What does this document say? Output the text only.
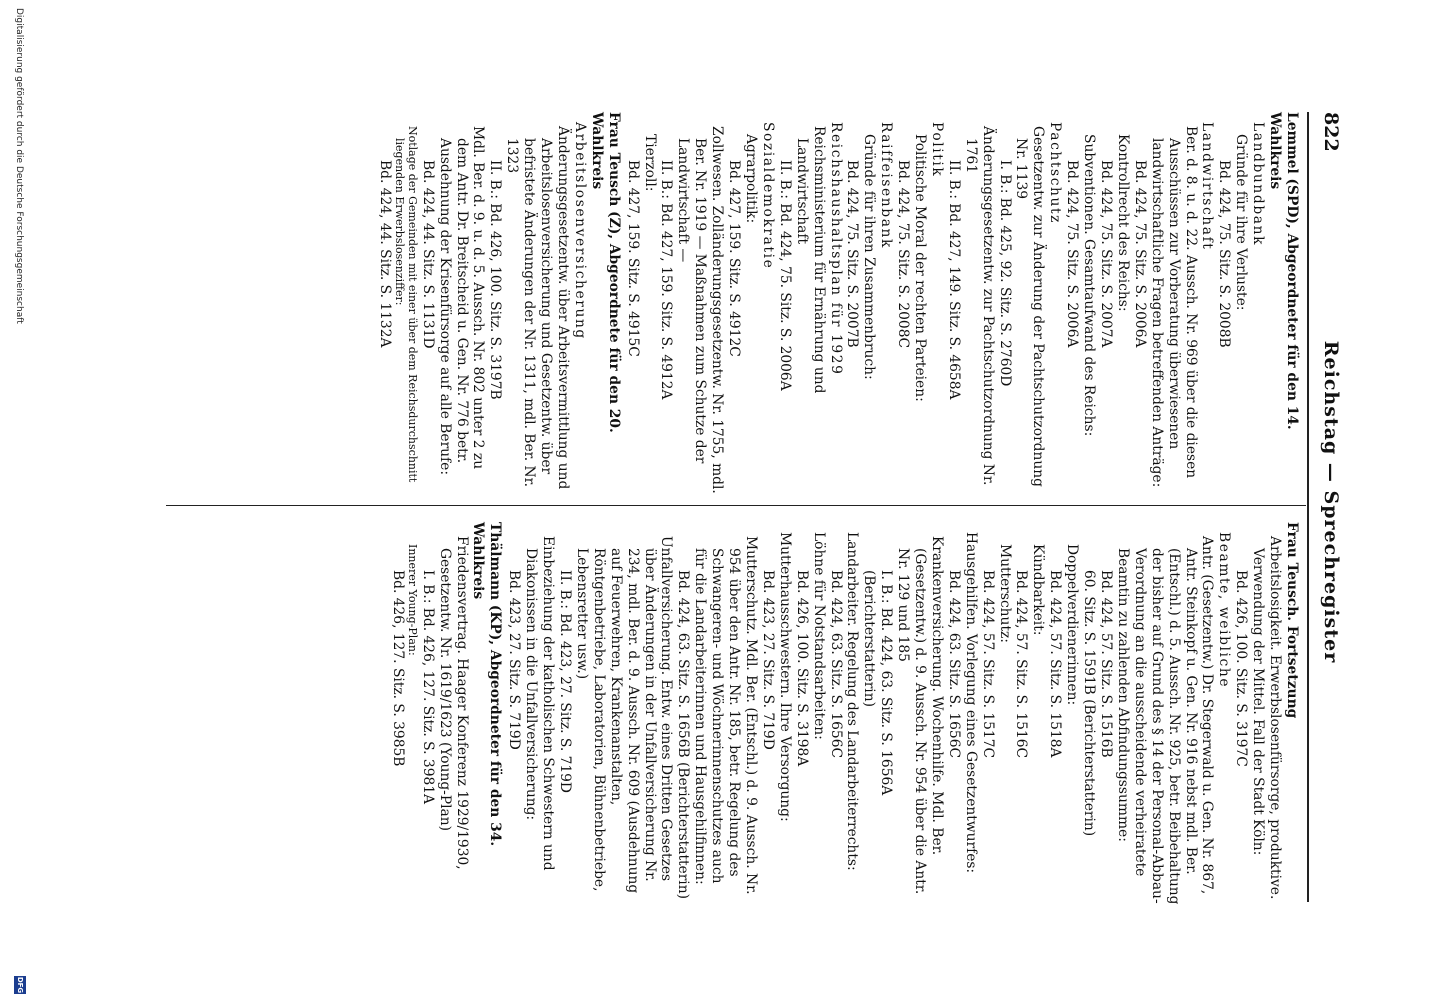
822
Reichstag — Sprechregister

Lemmel (SPD), Abgeordneter für den 14. Wahlkreis

Landbundbank

Gründe für ihre Verluste:

Bd. 424, 75. Sitz. S. 2008B

Landwirtschaft

Ber. d. 8. u. d. 22. Aussch. Nr. 969 über die diesen Ausschüssen zur Vorberatung überwiesenen landwirtschaftliche Fragen betreffenden Anträge:

Bd. 424, 75. Sitz. S. 2006A

Kontrollrecht des Reichs:

Bd. 424, 75. Sitz. S. 2007A

Subventionen. Gesamtaufwand des Reichs:

Bd. 424, 75. Sitz. S. 2006A

Pachtschutz

Gesetzentw. zur Änderung der Pachtschutzordnung Nr. 1139

I. B.: Bd. 425, 92. Sitz. S. 2760D

Änderungsgesetzentw. zur Pachtschutzordnung Nr. 1761

II. B.: Bd. 427, 149. Sitz. S. 4658A

Politik

Politische Moral der rechten Parteien:

Bd. 424, 75. Sitz. S. 2008C

Raiffeisenbank

Gründe für ihren Zusammenbruch:

Bd. 424, 75. Sitz. S. 2007B

Reichshaushaltsplan für 1929

Reichsministerium für Ernährung und Landwirtschaft

II. B.: Bd. 424, 75. Sitz. S. 2006A

Sozialdemokratie

Agrarpolitik:

Bd. 427, 159. Sitz. S. 4912C

Zollwesen. Zolländerungsgesetzentw. Nr. 1755, mdl. Ber. Nr. 1919 — Maßnahmen zum Schutze der Landwirtschaft —

II. B.: Bd. 427, 159. Sitz. S. 4912A

Tierzoll:

Bd. 427, 159. Sitz. S. 4915C

Frau Teusch (Z), Abgeordnete für den 20. Wahlkreis

Arbeitslosenversicherung

Änderungsgesetzentw. über Arbeitsvermittlung und Arbeitslosenversicherung und Gesetzentw. über befristete Änderungen der Nr. 1311, mdl. Ber. Nr. 1323

II. B.: Bd. 426, 100. Sitz. S. 3197B

Mdl. Ber. d. 9. u. d. 5. Aussch. Nr. 802 unter 2 zu dem Antr. Dr. Breitscheid u. Gen. Nr. 776 betr. Ausdehnung der Krisenfürsorge auf alle Berufe:

Bd. 424, 44. Sitz. S. 1131D

Notlage der Gemeinden mit einer über dem Reichsdurchschnitt liegenden Erwerbslosenziffer:

Bd. 424, 44. Sitz. S. 1132A

Frau Teusch. Fortsetzung

Arbeitslosigkeit. Erwerbslosenfürsorge, produktive. Verwendung der Mittel. Fall der Stadt Köln:

Bd. 426, 100. Sitz. S. 3197C

Beamte, weibliche

Antr. (Gesetzentw.) Dr. Stegerwald u. Gen. Nr. 867, Antr. Steinkopf u. Gen. Nr. 916 nebst mdl. Ber. (Entschl.) d. 5. Aussch. Nr. 925, betr. Beibehaltung der bisher auf Grund des § 14 der Personal-Abbau-Verordnung an die ausscheidende verheiratete Beamtin zu zahlenden Abfindungssumme:

Bd. 424, 57. Sitz. S. 1516B

60. Sitz. S. 1591B (Berichterstatterin)

Doppelverdienerinnen:

Bd. 424, 57. Sitz. S. 1518A

Kündbarkeit:

Bd. 424, 57. Sitz. S. 1516C

Mutterschutz:

Bd. 424, 57. Sitz. S. 1517C

Hausgehilfen. Vorlegung eines Gesetzentwurfes:

Bd. 424, 63. Sitz. S. 1656C

Krankenversicherung. Wochenhilfe. Mdl. Ber. (Gesetzentw.) d. 9. Aussch. Nr. 954 über die Antr. Nr. 129 und 185

I. B.: Bd. 424, 63. Sitz. S. 1656A (Berichterstatterin)

Landarbeiter. Regelung des Landarbeiterrechts:

Bd. 424, 63. Sitz. S. 1656C

Löhne für Notstandsarbeiten:

Bd. 426, 100. Sitz. S. 3198A

Mutterhausschwestern. Ihre Versorgung:

Bd. 423, 27. Sitz. S. 719D

Mutterschutz. Mdl. Ber. (Entschl.) d. 9. Aussch. Nr. 954 über den Antr. Nr. 185, betr. Regelung des Schwangeren- und Wöchnerinnenschutzes auch für die Landarbeiterinnen und Hausgehilfinnen:

Bd. 424, 63. Sitz. S. 1656B (Berichterstatterin)

Unfallversicherung. Entw. eines Dritten Gesetzes über Änderungen in der Unfallversicherung Nr. 234, mdl. Ber. d. 9. Aussch. Nr. 609 (Ausdehnung auf Feuerwehren, Krankenanstalten, Röntgenbetriebe, Laboratorien, Bühnenbetriebe, Lebensretter usw.)

II. B.: Bd. 423, 27. Sitz. S. 719D

Einbeziehung der katholischen Schwestern und Diakonissen in die Unfallversicherung:

Bd. 423, 27. Sitz. S. 719D

Thälmann (KP), Abgeordneter für den 34. Wahlkreis

Friedensvertrag. Haager Konferenz 1929/1930, Gesetzentw. Nr. 1619/1623 (Young-Plan)

I. B.: Bd. 426, 127. Sitz. S. 3981A

Innerer Young-Plan:

Bd. 426, 127. Sitz. S. 3985B

Digitalisierung gefördert durch die Deutsche Forschungsgemeinschaft
DFG
